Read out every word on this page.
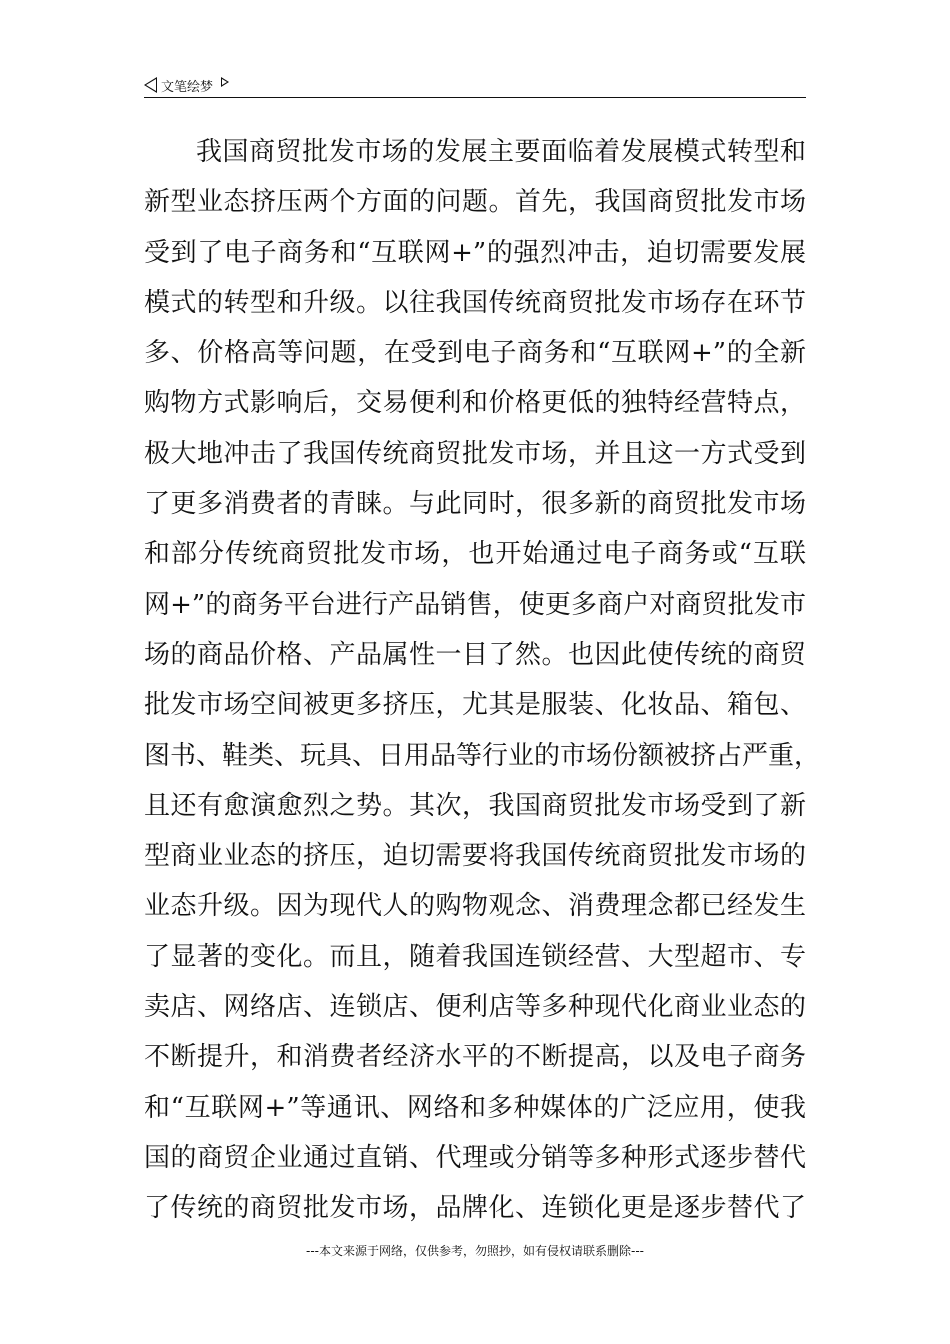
文笔绘梦
我国商贸批发市场的发展主要面临着发展模式转型和
新型业态挤压两个方面的问题。首先，我国商贸批发市场
受到了电子商务和“互联网+”的强烈冲击，迫切需要发展
模式的转型和升级。以往我国传统商贸批发市场存在环节
多、价格高等问题，在受到电子商务和“互联网+”的全新
购物方式影响后，交易便利和价格更低的独特经营特点，
极大地冲击了我国传统商贸批发市场，并且这一方式受到
了更多消费者的青睐。与此同时，很多新的商贸批发市场
和部分传统商贸批发市场，也开始通过电子商务或“互联
网+”的商务平台进行产品销售，使更多商户对商贸批发市
场的商品价格、产品属性一目了然。也因此使传统的商贸
批发市场空间被更多挤压，尤其是服装、化妆品、箱包、
图书、鞋类、玩具、日用品等行业的市场份额被挤占严重，
且还有愈演愈烈之势。其次，我国商贸批发市场受到了新
型商业业态的挤压，迫切需要将我国传统商贸批发市场的
业态升级。因为现代人的购物观念、消费理念都已经发生
了显著的变化。而且，随着我国连锁经营、大型超市、专
卖店、网络店、连锁店、便利店等多种现代化商业业态的
不断提升，和消费者经济水平的不断提高，以及电子商务
和“互联网+”等通讯、网络和多种媒体的广泛应用，使我
国的商贸企业通过直销、代理或分销等多种形式逐步替代
了传统的商贸批发市场，品牌化、连锁化更是逐步替代了
---本文来源于网络，仅供参考，勿照抄，如有侵权请联系删除---
